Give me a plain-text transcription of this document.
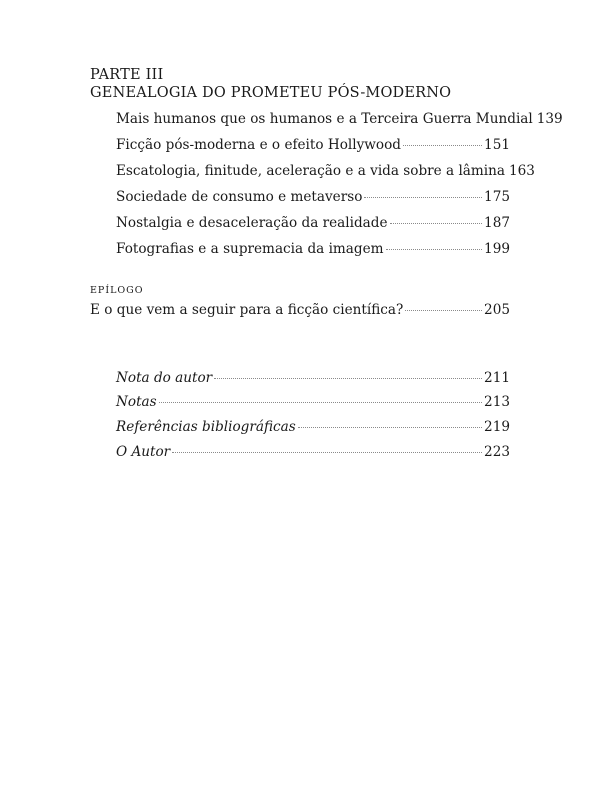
PARTE III
GENEALOGIA DO PROMETEU PÓS-MODERNO
Mais humanos que os humanos e a Terceira Guerra Mundial 139
Ficção pós-moderna e o efeito Hollywood	151
Escatologia, finitude, aceleração e a vida sobre a lâmina 163
Sociedade de consumo e metaverso	175
Nostalgia e desaceleração da realidade	187
Fotografias e a supremacia da imagem	199
EPÍLOGO
E o que vem a seguir para a ficção científica?	205
Nota do autor	211
Notas	213
Referências bibliográficas	219
O Autor	223
